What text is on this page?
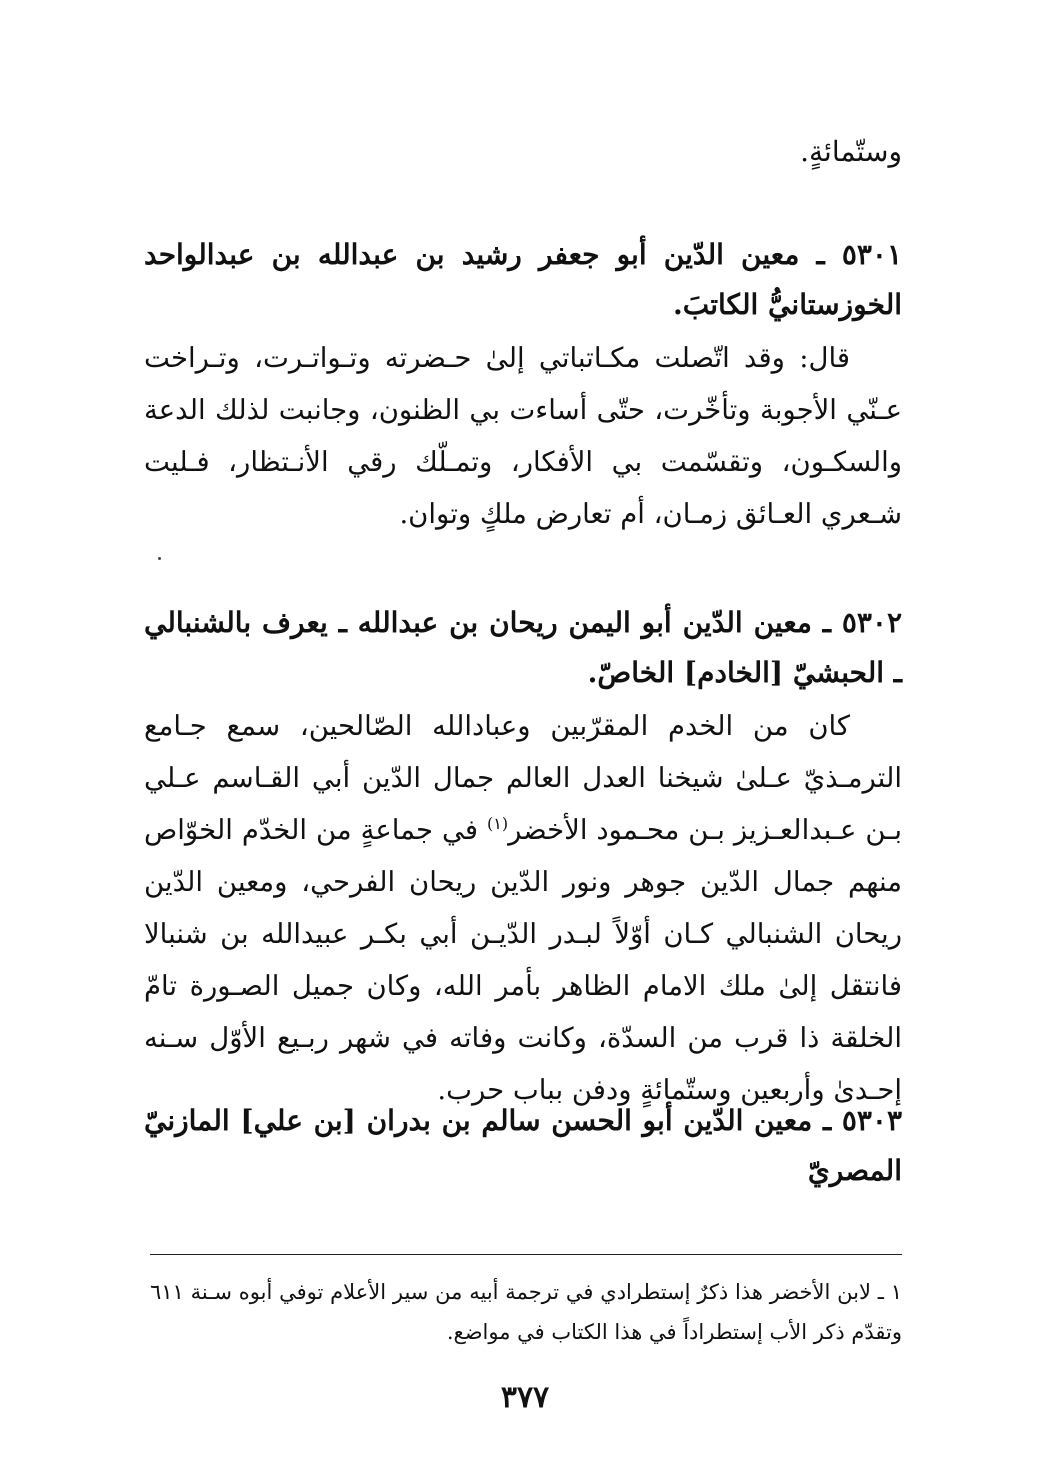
وستّمائةٍ.
٥٣٠١ ـ معين الدّين أبو جعفر رشيد بن عبدالله بن عبدالواحد الخوزستانيُّ الكاتبَ.
قال: وقد اتّصلت مكـاتباتي إلىٰ حـضرته وتـواتـرت، وتـراخت عـنّي الأجوبة وتأخّرت، حتّى أساءت بي الظنون، وجانبت لذلك الدعة والسكـون، وتقسّمت بي الأفكار، وتمـلّك رقي الأنـتظار، فـليت شـعري العـائق زمـان، أم تعارض ملكٍ وتوان.
٥٣٠٢ ـ معين الدّين أبو اليمن ريحان بن عبدالله ـ يعرف بالشنبالي ـ الحبشيّ [الخادم] الخاصّ.
كان من الخدم المقرّبين وعبادالله الصّالحين، سمع جـامع الترمـذيّ عـلىٰ شيخنا العدل العالم جمال الدّين أبي القـاسم عـلي بـن عـبدالعـزيز بـن محـمود الأخضر$^{(١)}$ في جماعةٍ من الخدّم الخوّاص منهم جمال الدّين جوهر ونور الدّين ريحان الفرحي، ومعين الدّين ريحان الشنبالي كـان أوّلاً لبـدر الدّيـن أبي بكـر عبيدالله بن شنبالا فانتقل إلىٰ ملك الامام الظاهر بأمر الله، وكان جميل الصـورة تامّ الخلقة ذا قرب من السدّة، وكانت وفاته في شهر ربـيع الأوّل سـنه إحـدىٰ وأربعين وستّمائةٍ ودفن بباب حرب.
٥٣٠٣ ـ معين الدّين أبو الحسن سالم بن بدران [بن علي] المازنيّ المصريّ
١ ـ لابن الأخضر هذا ذكرٌ إستطرادي في ترجمة أبيه من سير الأعلام توفي أبوه سـنة ٦١١ وتقدّم ذكر الأب إستطراداً في هذا الكتاب في مواضع.
٣٧٧
